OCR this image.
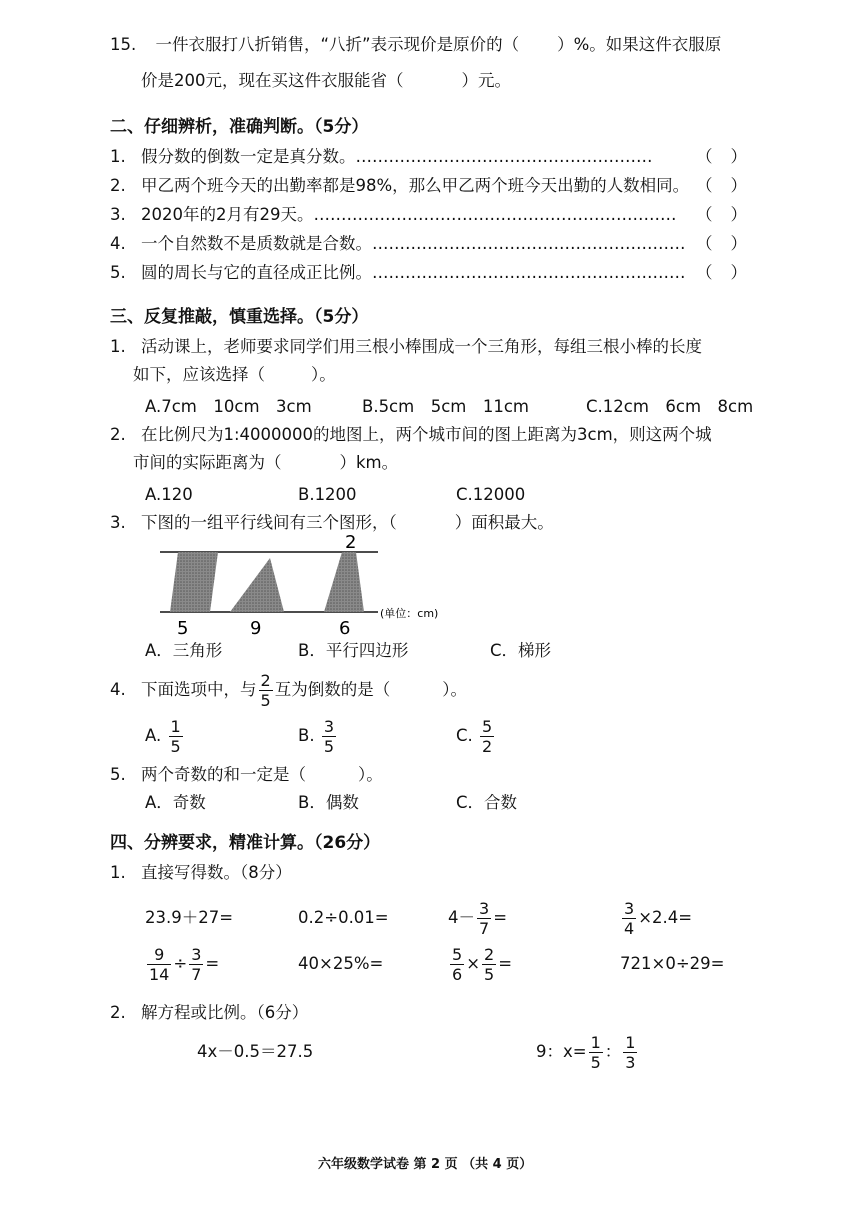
15. 一件衣服打八折销售，“八折”表示现价是原价的（ ）%。如果这件衣服原
价是200元，现在买这件衣服能省（	）元。
二、仔细辨析，准确判断。（5分）
1. 假分数的倒数一定是真分数。………………………………………………	（ ）
2. 甲乙两个班今天的出勤率都是98%，那么甲乙两个班今天出勤的人数相同。 （ ）
3. 2020年的2月有29天。………………………………………………………… （ ）
4. 一个自然数不是质数就是合数。………………………………………………… （ ）
5. 圆的周长与它的直径成正比例。………………………………………………… （ ）
三、反复推敲，慎重选择。（5分）
1. 活动课上，老师要求同学们用三根小棒围成一个三角形，每组三根小棒的长度
如下，应该选择（	）。
A.7cm　10cm　3cm	B.5cm　5cm　11cm	C.12cm　6cm　8cm
2. 在比例尺为1:4000000的地图上，两个城市间的图上距离为3cm，则这两个城
市间的实际距离为（	）km。
A.120	B.1200	C.12000
3. 下图的一组平行线间有三个图形，（	）面积最大。
2
5	9	6
(单位：cm)
A．三角形	B．平行四边形	C．梯形
4. 下面选项中，与 $\frac{2}{5}$ 互为倒数的是（	）。
A. $\frac{1}{5}$	B. $\frac{3}{5}$	C. $\frac{5}{2}$
5. 两个奇数的和一定是（	）。
A．奇数	B．偶数	C．合数
四、分辨要求，精准计算。（26分）
1. 直接写得数。（8分）
23.9＋27=	0.2÷0.01=	$4- \frac{3}{7}$ =	$\frac{3}{4} \times 2.4=$
$\frac{9}{14} \div \frac{3}{7}$ =	40×25%=	$\frac{5}{6} \times \frac{2}{5}$ =	721×0÷29=
2. 解方程或比例。（6分）
4x－0.5＝27.5	9：$x= \frac{1}{5}$ ： $\frac{1}{3}$
六年级数学试卷 第 2 页 （共 4 页）
